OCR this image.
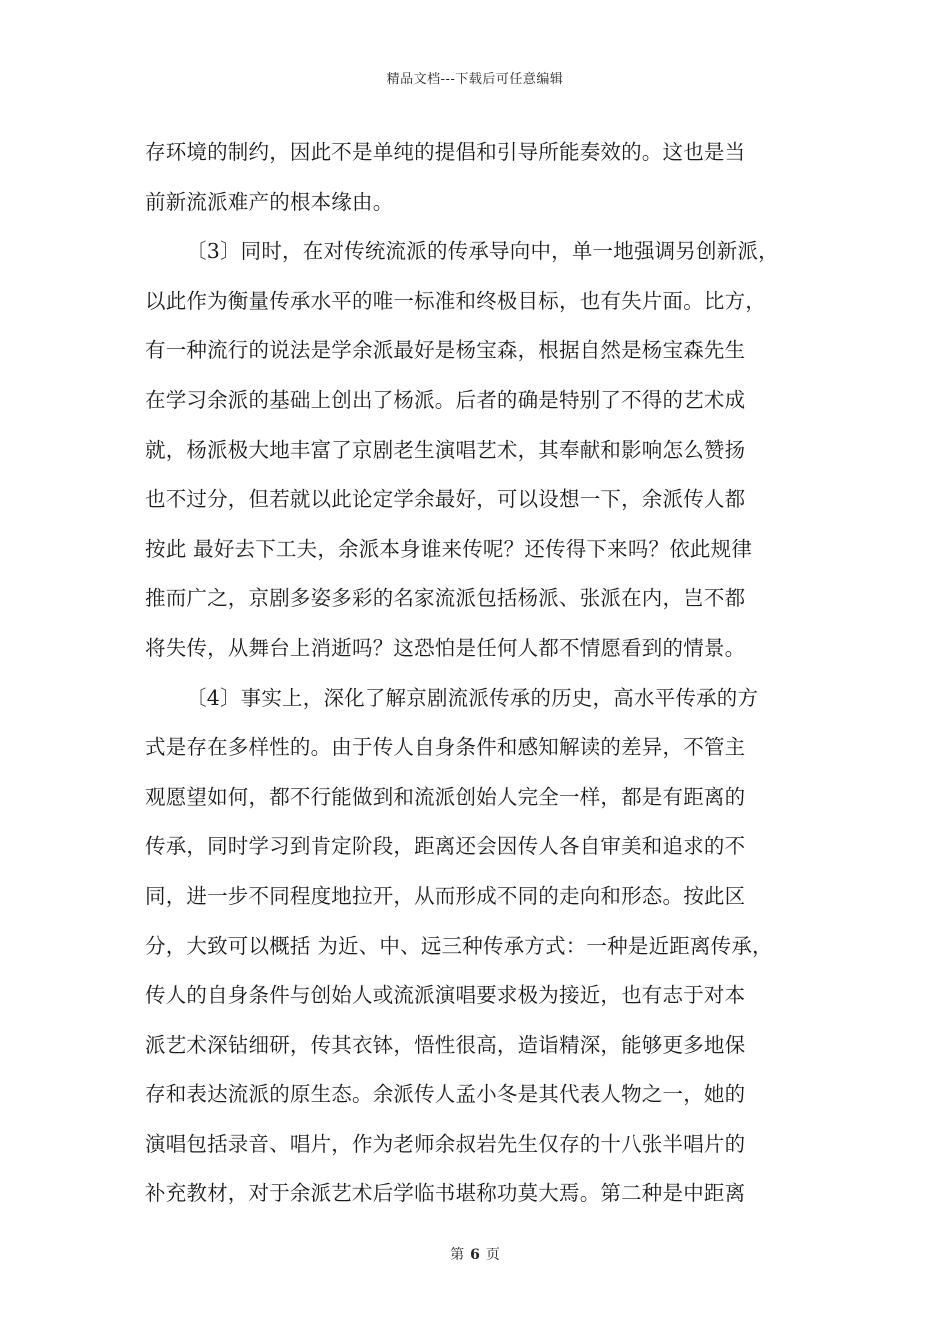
精品文档---下载后可任意编辑
存环境的制约，因此不是单纯的提倡和引导所能奏效的。这也是当
前新流派难产的根本缘由。
〔3〕同时，在对传统流派的传承导向中，单一地强调另创新派，
以此作为衡量传承水平的唯一标准和终极目标，也有失片面。比方，
有一种流行的说法是学余派最好是杨宝森，根据自然是杨宝森先生
在学习余派的基础上创出了杨派。后者的确是特别了不得的艺术成
就，杨派极大地丰富了京剧老生演唱艺术，其奉献和影响怎么赞扬
也不过分，但若就以此论定学余最好，可以设想一下，余派传人都
按此 最好去下工夫，余派本身谁来传呢？还传得下来吗？依此规律
推而广之，京剧多姿多彩的名家流派包括杨派、张派在内，岂不都
将失传，从舞台上消逝吗？这恐怕是任何人都不情愿看到的情景。
〔4〕事实上，深化了解京剧流派传承的历史，高水平传承的方
式是存在多样性的。由于传人自身条件和感知解读的差异，不管主
观愿望如何，都不行能做到和流派创始人完全一样，都是有距离的
传承，同时学习到肯定阶段，距离还会因传人各自审美和追求的不
同，进一步不同程度地拉开，从而形成不同的走向和形态。按此区
分，大致可以概括 为近、中、远三种传承方式：一种是近距离传承，
传人的自身条件与创始人或流派演唱要求极为接近，也有志于对本
派艺术深钻细研，传其衣钵，悟性很高，造诣精深，能够更多地保
存和表达流派的原生态。余派传人孟小冬是其代表人物之一，她的
演唱包括录音、唱片，作为老师余叔岩先生仅存的十八张半唱片的
补充教材，对于余派艺术后学临书堪称功莫大焉。第二种是中距离
第 6 页
